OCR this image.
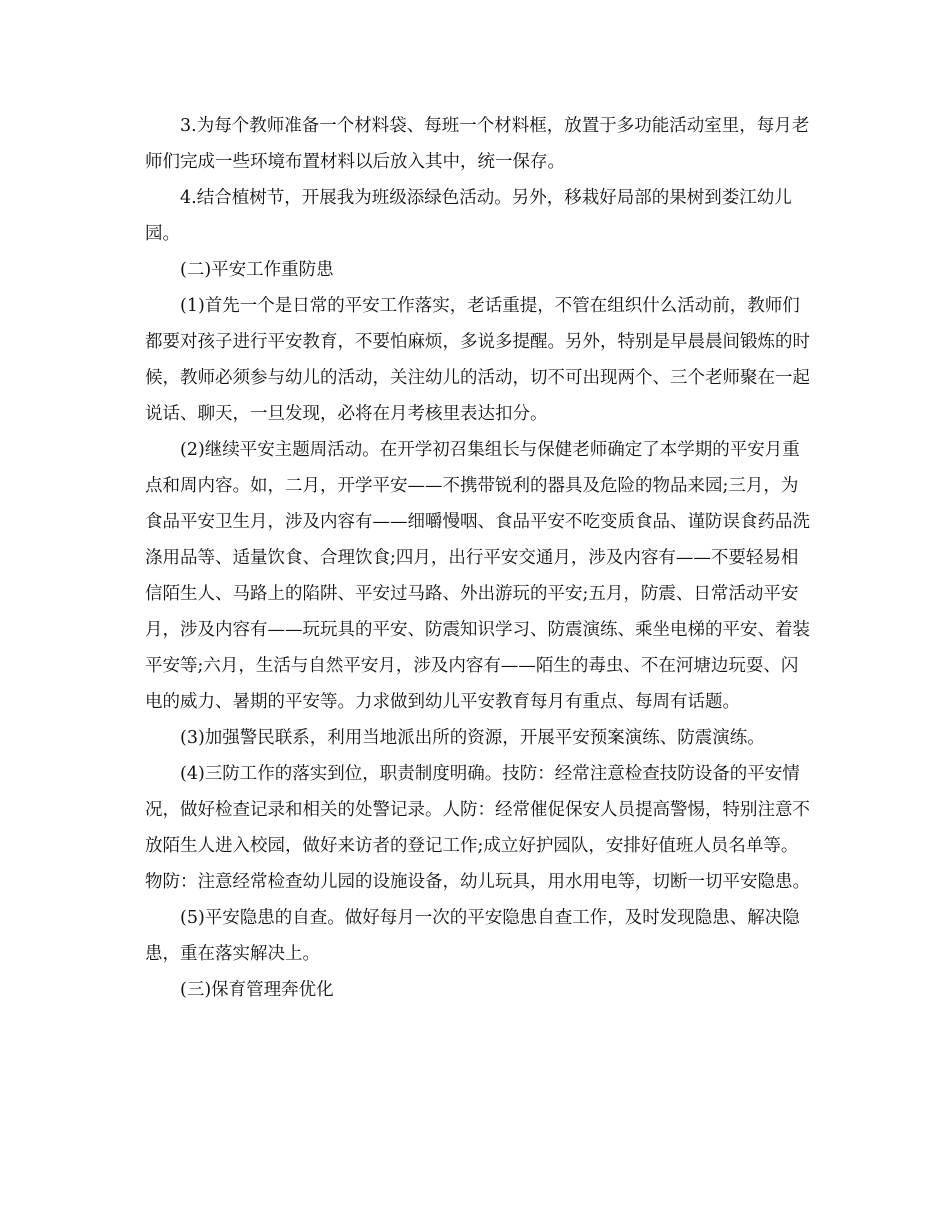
3.为每个教师准备一个材料袋、每班一个材料框，放置于多功能活动室里，每月老师们完成一些环境布置材料以后放入其中，统一保存。

4.结合植树节，开展我为班级添绿色活动。另外，移栽好局部的果树到娄江幼儿园。

(二)平安工作重防患

(1)首先一个是日常的平安工作落实，老话重提，不管在组织什么活动前，教师们都要对孩子进行平安教育，不要怕麻烦，多说多提醒。另外，特别是早晨晨间锻炼的时候，教师必须参与幼儿的活动，关注幼儿的活动，切不可出现两个、三个老师聚在一起说话、聊天，一旦发现，必将在月考核里表达扣分。

(2)继续平安主题周活动。在开学初召集组长与保健老师确定了本学期的平安月重点和周内容。如，二月，开学平安——不携带锐利的器具及危险的物品来园;三月，为食品平安卫生月，涉及内容有——细嚼慢咽、食品平安不吃变质食品、谨防误食药品洗涤用品等、适量饮食、合理饮食;四月，出行平安交通月，涉及内容有——不要轻易相信陌生人、马路上的陷阱、平安过马路、外出游玩的平安;五月，防震、日常活动平安月，涉及内容有——玩玩具的平安、防震知识学习、防震演练、乘坐电梯的平安、着装平安等;六月，生活与自然平安月，涉及内容有——陌生的毒虫、不在河塘边玩耍、闪电的威力、暑期的平安等。力求做到幼儿平安教育每月有重点、每周有话题。

(3)加强警民联系，利用当地派出所的资源，开展平安预案演练、防震演练。

(4)三防工作的落实到位，职责制度明确。技防：经常注意检查技防设备的平安情况，做好检查记录和相关的处警记录。人防：经常催促保安人员提高警惕，特别注意不放陌生人进入校园，做好来访者的登记工作;成立好护园队，安排好值班人员名单等。物防：注意经常检查幼儿园的设施设备，幼儿玩具，用水用电等，切断一切平安隐患。

(5)平安隐患的自查。做好每月一次的平安隐患自查工作，及时发现隐患、解决隐患，重在落实解决上。

(三)保育管理奔优化
